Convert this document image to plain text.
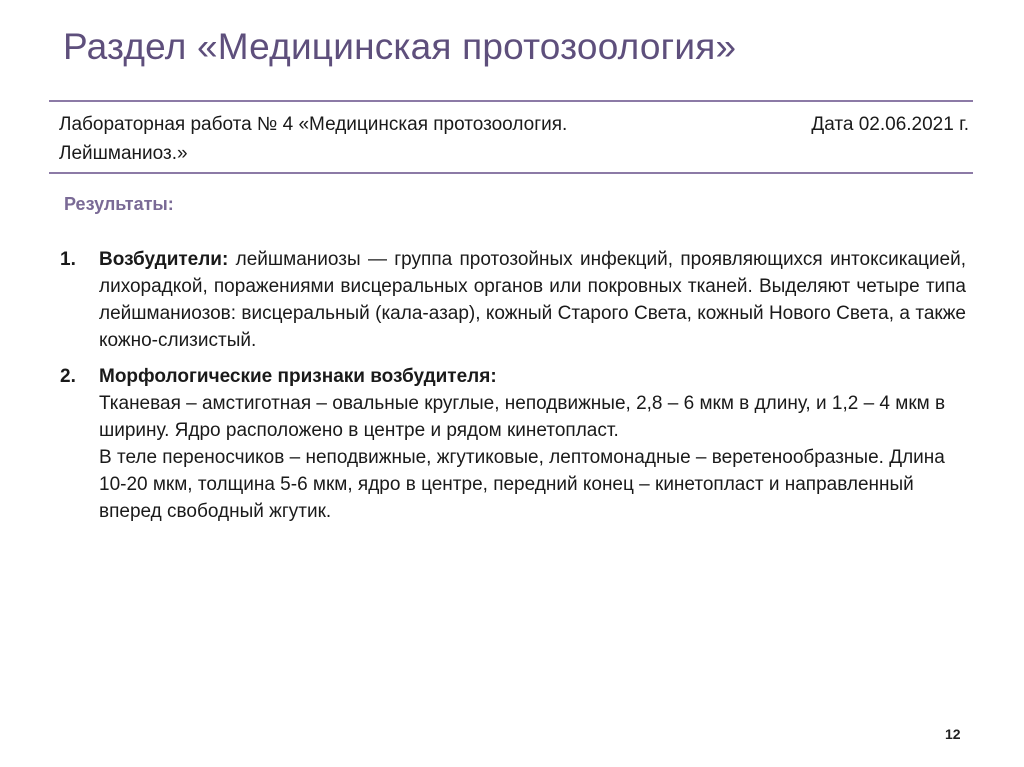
Раздел «Медицинская протозоология»
Лабораторная работа № 4 «Медицинская протозоология.
Лейшманиоз.»
Дата 02.06.2021 г.
Результаты:
1. Возбудители: лейшманиозы — группа протозойных инфекций, проявляющихся интоксикацией, лихорадкой, поражениями висцеральных органов или покровных тканей. Выделяют четыре типа лейшманиозов: висцеральный (кала-азар), кожный Старого Света, кожный Нового Света, а также кожно-слизистый.
2. Морфологические признаки возбудителя:
Тканевая – амстиготная – овальные круглые, неподвижные, 2,8 – 6 мкм в длину, и 1,2 – 4 мкм в ширину. Ядро расположено в центре и рядом кинетопласт.
В теле переносчиков – неподвижные, жгутиковые, лептомонадные – веретенообразные. Длина 10-20 мкм, толщина 5-6 мкм, ядро в центре, передний конец – кинетопласт и направленный вперед свободный жгутик.
12
